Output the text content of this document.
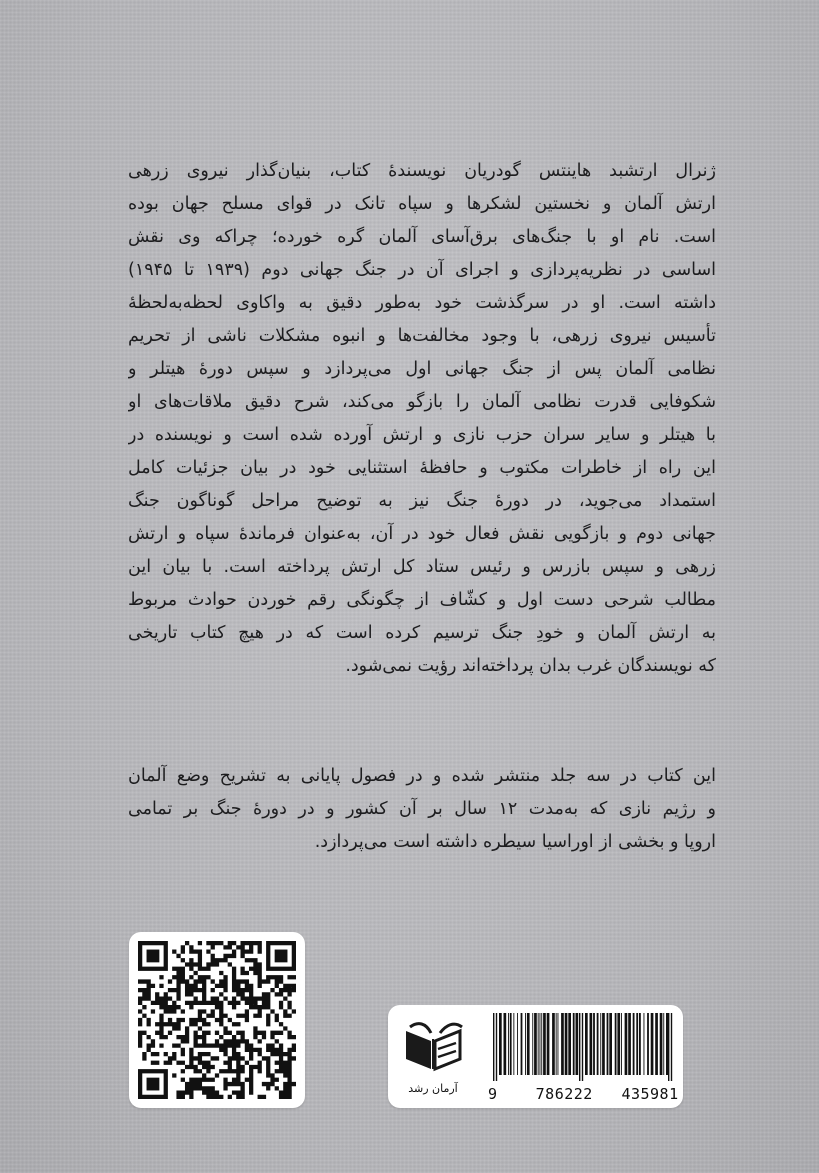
ژنرال ارتشبد هاینتس گودریان نویسندهٔ کتاب، بنیان‌گذار نیروی زرهی
ارتش آلمان و نخستین لشکرها و سپاه تانک در قوای مسلح جهان بوده
است. نام او با جنگ‌های برق‌آسای آلمان گره خورده؛ چراکه وی نقش
اساسی در نظریه‌پردازی و اجرای آن در جنگ جهانی دوم (۱۹۳۹ تا ۱۹۴۵)
داشته است. او در سرگذشت خود به‌طور دقیق به واکاوی لحظه‌به‌لحظهٔ
تأسیس نیروی زرهی، با وجود مخالفت‌ها و انبوه مشکلات ناشی از تحریم
نظامی آلمان پس از جنگ جهانی اول می‌پردازد و سپس دورهٔ هیتلر و
شکوفایی قدرت نظامی آلمان را بازگو می‌کند، شرح دقیق ملاقات‌های او
با هیتلر و سایر سران حزب نازی و ارتش آورده شده است و نویسنده در
این راه از خاطرات مکتوب و حافظهٔ استثنایی خود در بیان جزئیات کامل
استمداد می‌جوید، در دورهٔ جنگ نیز به توضیح مراحل گوناگون جنگ
جهانی دوم و بازگویی نقش فعال خود در آن، به‌عنوان فرماندهٔ سپاه و ارتش
زرهی و سپس بازرس و رئیس ستاد کل ارتش پرداخته است. با بیان این
مطالب شرحی دست اول و کشّاف از چگونگی رقم خوردن حوادث مربوط
به ارتش آلمان و خودِ جنگ ترسیم کرده است که در هیچ کتاب تاریخی
که نویسندگان غرب بدان پرداخته‌اند رؤیت نمی‌شود.
این کتاب در سه جلد منتشر شده و در فصول پایانی به تشریح وضع آلمان
و رژیم نازی که به‌مدت ۱۲ سال بر آن کشور و در دورهٔ جنگ بر تمامی
اروپا و بخشی از اوراسیا سیطره داشته است می‌پردازد.
آرمان رشد	9	786222 435981
